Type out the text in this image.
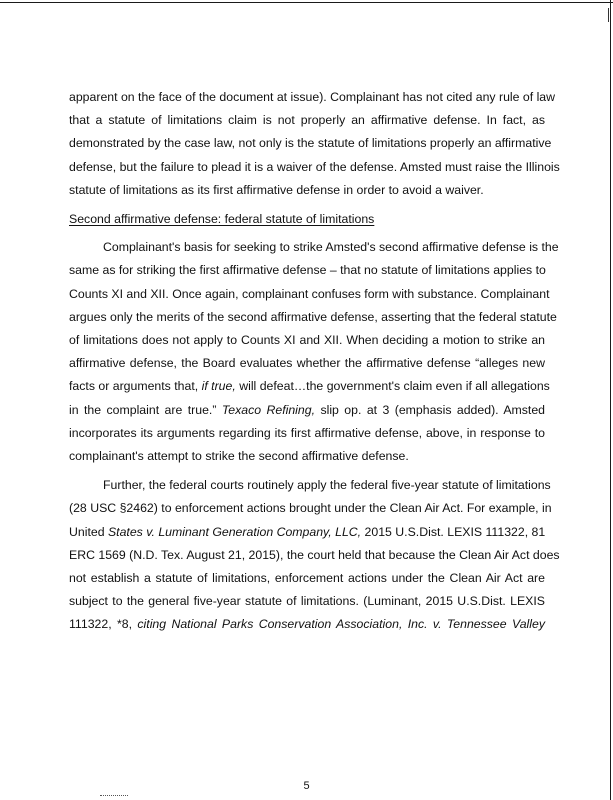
apparent on the face of the document at issue). Complainant has not cited any rule of law
that a statute of limitations claim is not properly an affirmative defense. In fact, as
demonstrated by the case law, not only is the statute of limitations properly an affirmative
defense, but the failure to plead it is a waiver of the defense. Amsted must raise the Illinois
statute of limitations as its first affirmative defense in order to avoid a waiver.
Second affirmative defense: federal statute of limitations
Complainant's basis for seeking to strike Amsted's second affirmative defense is the
same as for striking the first affirmative defense – that no statute of limitations applies to
Counts XI and XII. Once again, complainant confuses form with substance. Complainant
argues only the merits of the second affirmative defense, asserting that the federal statute
of limitations does not apply to Counts XI and XII. When deciding a motion to strike an
affirmative defense, the Board evaluates whether the affirmative defense “alleges new
facts or arguments that, if true, will defeat…the government's claim even if all allegations
in the complaint are true.” Texaco Refining, slip op. at 3 (emphasis added). Amsted
incorporates its arguments regarding its first affirmative defense, above, in response to
complainant's attempt to strike the second affirmative defense.
Further, the federal courts routinely apply the federal five-year statute of limitations
(28 USC §2462) to enforcement actions brought under the Clean Air Act. For example, in
United States v. Luminant Generation Company, LLC, 2015 U.S.Dist. LEXIS 111322, 81
ERC 1569 (N.D. Tex. August 21, 2015), the court held that because the Clean Air Act does
not establish a statute of limitations, enforcement actions under the Clean Air Act are
subject to the general five-year statute of limitations. (Luminant, 2015 U.S.Dist. LEXIS
111322, *8, citing National Parks Conservation Association, Inc. v. Tennessee Valley
5
